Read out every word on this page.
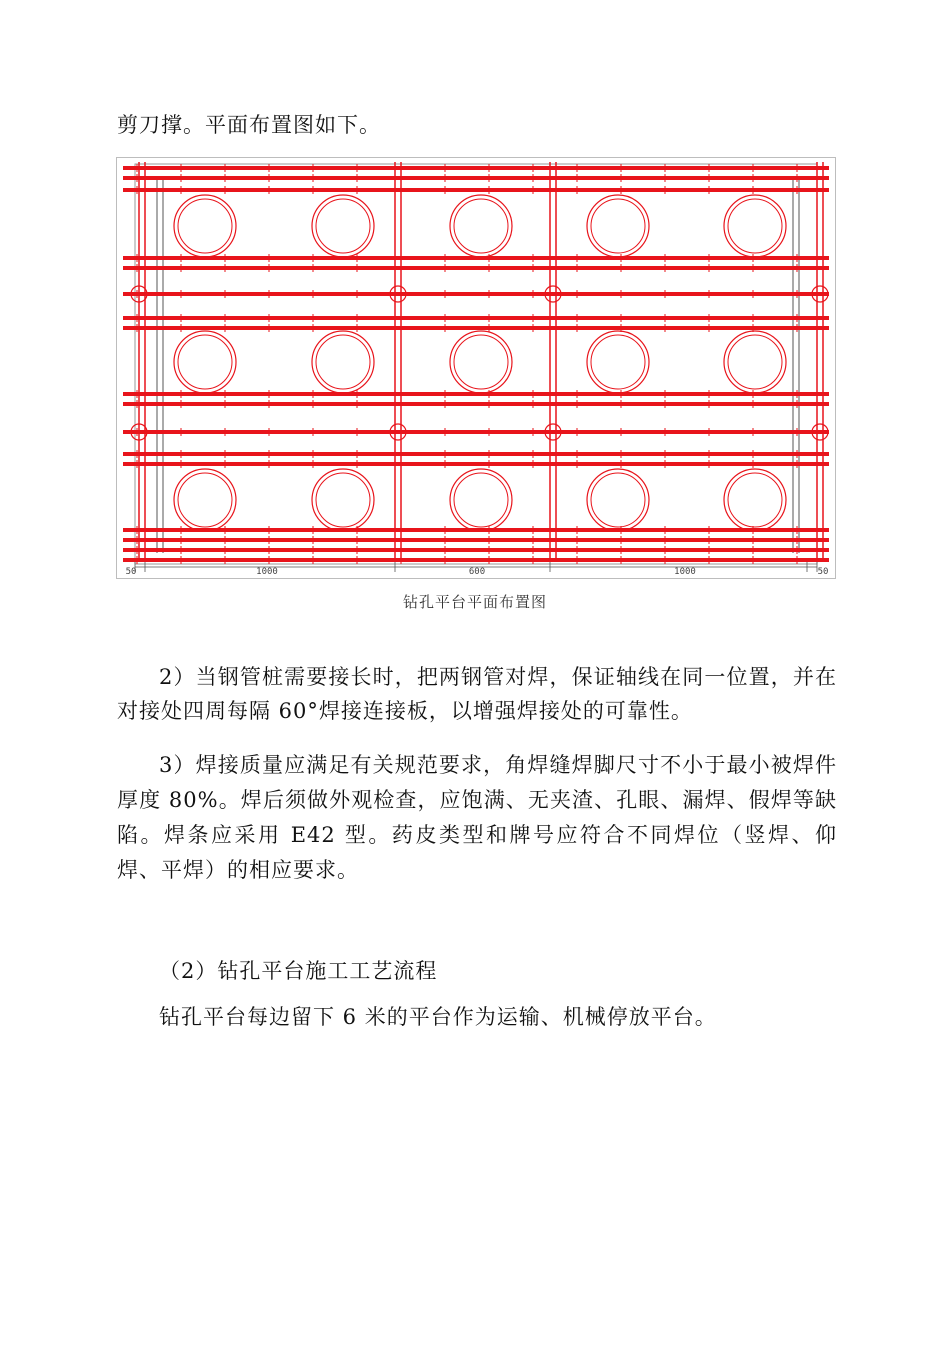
剪刀撑。平面布置图如下。

50	1000	600	1000	50
钻孔平台平面布置图

2）当钢管桩需要接长时，把两钢管对焊，保证轴线在同一位置，并在对接处四周每隔 60°焊接连接板，以增强焊接处的可靠性。

3）焊接质量应满足有关规范要求，角焊缝焊脚尺寸不小于最小被焊件厚度 80%。焊后须做外观检查，应饱满、无夹渣、孔眼、漏焊、假焊等缺陷。焊条应采用 E42 型。药皮类型和牌号应符合不同焊位（竖焊、仰焊、平焊）的相应要求。

（2）钻孔平台施工工艺流程

钻孔平台每边留下 6 米的平台作为运输、机械停放平台。
